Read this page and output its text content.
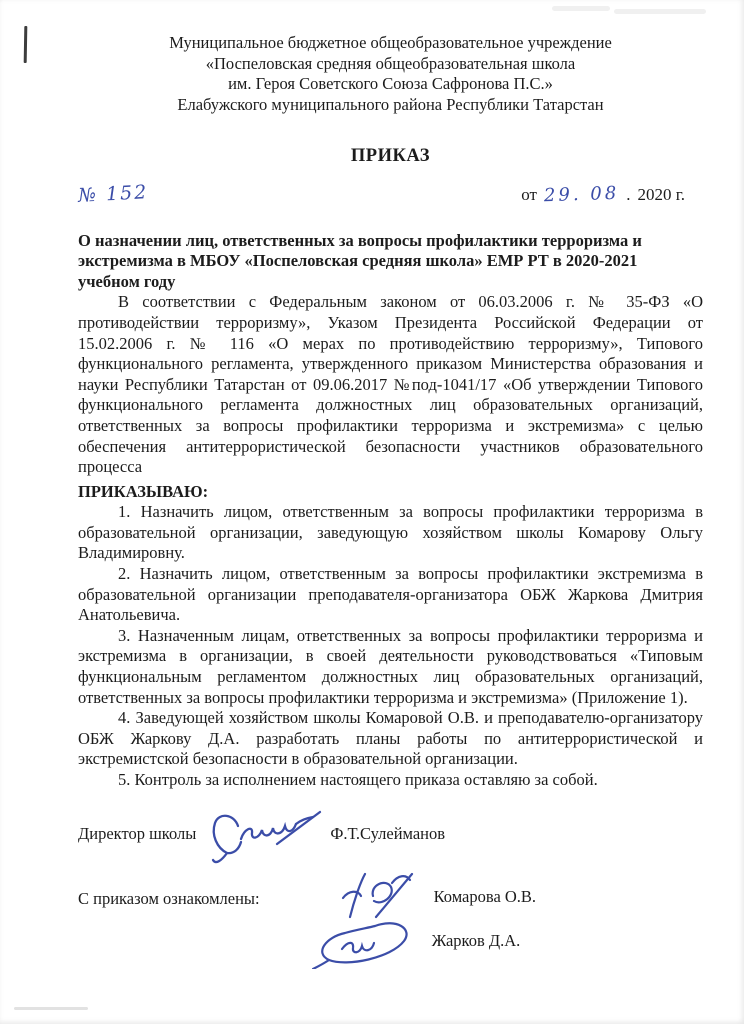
Муниципальное бюджетное общеобразовательное учреждение
«Поспеловская средняя общеобразовательная школа
им. Героя Советского Союза Сафронова П.С.»
Елабужского муниципального района Республики Татарстан
ПРИКАЗ
№ 152	от 29. 08 . 2020 г.
О назначении лиц, ответственных за вопросы профилактики терроризма и экстремизма в МБОУ «Поспеловская средняя школа» ЕМР РТ в 2020-2021 учебном году

В соответствии с Федеральным законом от 06.03.2006 г. № 35-ФЗ «О противодействии терроризму», Указом Президента Российской Федерации от 15.02.2006 г. № 116 «О мерах по противодействию терроризму», Типового функционального регламента, утвержденного приказом Министерства образования и науки Республики Татарстан от 09.06.2017 №под-1041/17 «Об утверждении Типового функционального регламента должностных лиц образовательных организаций, ответственных за вопросы профилактики терроризма и экстремизма» с целью обеспечения антитеррористической безопасности участников образовательного процесса

ПРИКАЗЫВАЮ:

1. Назначить лицом, ответственным за вопросы профилактики терроризма в образовательной организации, заведующую хозяйством школы Комарову Ольгу Владимировну.

2. Назначить лицом, ответственным за вопросы профилактики экстремизма в образовательной организации преподавателя-организатора ОБЖ Жаркова Дмитрия Анатольевича.

3. Назначенным лицам, ответственных за вопросы профилактики терроризма и экстремизма в организации, в своей деятельности руководствоваться «Типовым функциональным регламентом должностных лиц образовательных организаций, ответственных за вопросы профилактики терроризма и экстремизма» (Приложение 1).

4. Заведующей хозяйством школы Комаровой О.В. и преподавателю-организатору ОБЖ Жаркову Д.А. разработать планы работы по антитеррористической и экстремистской безопасности в образовательной организации.

5. Контроль за исполнением настоящего приказа оставляю за собой.

Директор школы	Ф.Т.Сулейманов
С приказом ознакомлены:	Комарова О.В.
Жарков Д.А.
